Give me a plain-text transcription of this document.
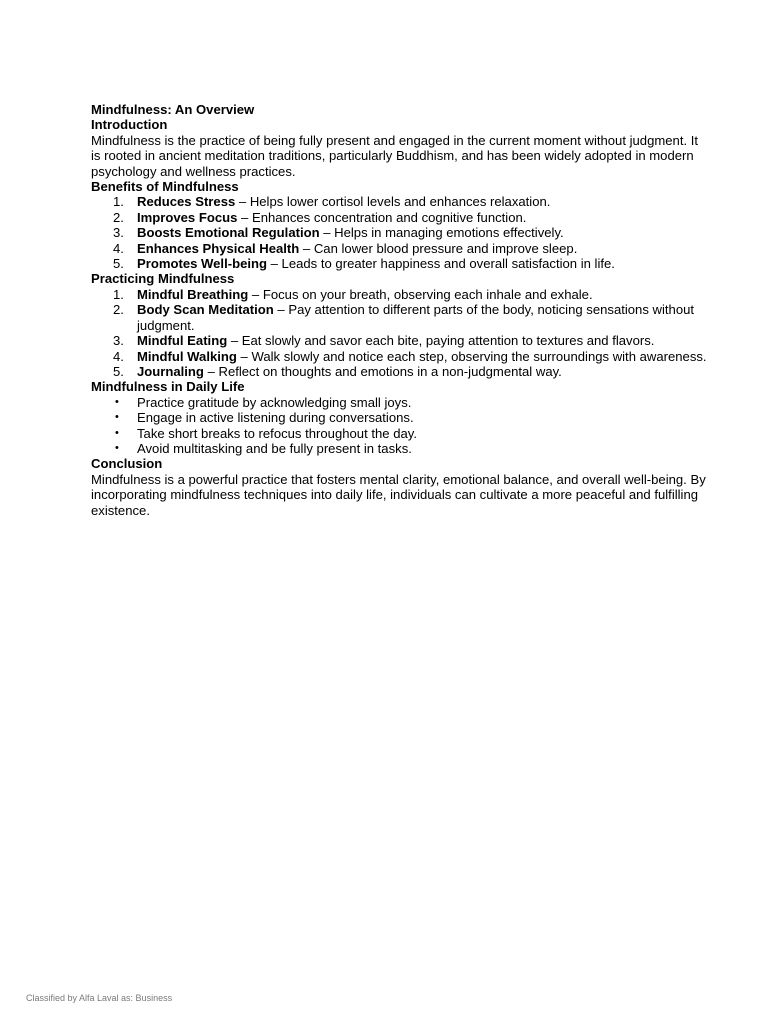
Mindfulness: An Overview
Introduction

Mindfulness is the practice of being fully present and engaged in the current moment without judgment. It is rooted in ancient meditation traditions, particularly Buddhism, and has been widely adopted in modern psychology and wellness practices.

Benefits of Mindfulness
1. Reduces Stress – Helps lower cortisol levels and enhances relaxation.
2. Improves Focus – Enhances concentration and cognitive function.
3. Boosts Emotional Regulation – Helps in managing emotions effectively.
4. Enhances Physical Health – Can lower blood pressure and improve sleep.
5. Promotes Well-being – Leads to greater happiness and overall satisfaction in life.
Practicing Mindfulness
1. Mindful Breathing – Focus on your breath, observing each inhale and exhale.
2. Body Scan Meditation – Pay attention to different parts of the body, noticing sensations without judgment.
3. Mindful Eating – Eat slowly and savor each bite, paying attention to textures and flavors.
4. Mindful Walking – Walk slowly and notice each step, observing the surroundings with awareness.
5. Journaling – Reflect on thoughts and emotions in a non-judgmental way.
Mindfulness in Daily Life
• Practice gratitude by acknowledging small joys.
• Engage in active listening during conversations.
• Take short breaks to refocus throughout the day.
• Avoid multitasking and be fully present in tasks.
Conclusion

Mindfulness is a powerful practice that fosters mental clarity, emotional balance, and overall well-being. By incorporating mindfulness techniques into daily life, individuals can cultivate a more peaceful and fulfilling existence.

Classified by Alfa Laval as: Business
